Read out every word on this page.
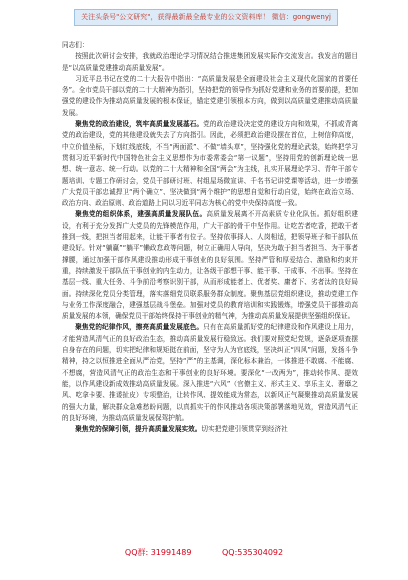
关注头条号"公文研究"，获得最新最全最专业的公文资料库！ 微信：gongwenyj

同志们：

按照此次研讨会安排，我就政治理论学习情况结合推进集团发展实际作交流发言。我发言的题目是“以高质量党建推动高质量发展”。

习近平总书记在党的二十大报告中指出：“高质量发展是全面建设社会主义现代化国家的首要任务”。全市党员干部以党的二十大精神为指引，坚持把党的领导作为抓好党建和业务的首要前提，把加强党的建设作为推动高质量发展的根本保证，锚定党建引领根本方向，做到以高质量党建推动高质量发展。

聚焦党的政治建设，筑牢高质量发展基石。党的政治建设决定党的建设方向和效果，不抓或背离党的政治建设，党的其他建设就失去了方向指引。因此，必须把政治建设摆在首位，上树信仰高度，中立价值坐标，下划红线底线，不当“两面派”、不做“墙头草”，坚持强化党的理论武装，始终把学习贯彻习近平新时代中国特色社会主义思想作为市委常委会“第一议题”，坚持用党的创新理论统一思想、统一意志、统一行动。以党的二十大精神和全国“两会”为主线，扎实开展理论学习、青年干部专题培训、专题工作研讨会，党员干部研讨班、村组屋场微宣讲、千名书记讲党课等活动，进一步增强广大党员干部忠诚捍卫“两个确立”、坚决做到“两个维护”的思想自觉和行动自觉，始终在政治立场、政治方向、政治原则、政治道路上同以习近平同志为核心的党中央保持高度一致。

聚焦党的组织体系，建强高质量发展队伍。高质量发展离不开高素质专业化队伍。抓好组织建设，有利于充分发挥广大党员的先锋模范作用，广大干部的骨干中坚作用。让吃苦者吃香，把敢干者推到一线，把担当者用起来，让能干事者有位子。坚持依事择人、人岗相适，把领导班子和干部队伍建设好。针对“躺赢”“躺平”懒政怠政等问题，树立正确用人导向，坚决为敢于担当者担当、为干事者撑腰，通过加强干部作风建设推动形成干事创业的良好氛围。坚持严管和厚爱结合、激励和约束并重，持续激发干部队伍干事创业的内生动力，让各级干部想干事、能干事、干成事、不出事。坚持在基层一线、重大任务、斗争前沿考察识别干部，从而形成能者上、优者奖、庸者下、劣者汰的良好局面。持续深化党员分类管理，落实落细党员联系服务群众制度。聚焦基层党组织建设，推动党建工作与业务工作深度融合，建强基层战斗堡垒。加强对党员的教育培训和实践锻炼，增强党员干部推动高质量发展的本领，确保党员干部始终保持干事创业的精气神，为推动高质量发展提供坚强组织保证。

聚焦党的纪律作风，擦亮高质量发展底色。只有在高质量抓好党的纪律建设和作风建设上用力，才能营造风清气正的良好政治生态，推动高质量发展行稳致远。我们要对照党纪党规，逐条逐项查摆自身存在的问题，切实把纪律和规矩挺在前面，坚守为人为官底线，坚决纠正“四风”问题，发扬斗争精神，持之以恒推进全面从严治党，坚持“严”的主基调，深化标本兼治，一体推进不敢腐、不能腐、不想腐，营造风清气正的政治生态和干事创业的良好环境。要深化“一改两为”，推动转作风、提效能，以作风建设新成效推动高质量发展。深入推进“六风”（官僚主义、形式主义、享乐主义、奢靡之风、吃拿卡要、推诿扯皮）专项整治，让转作风、提效能成为常态，以新风正气凝聚推动高质量发展的强大力量，解决群众急难愁盼问题，以真抓实干的作风推动各项决策部署落地见效，营造风清气正的良好环境，为推动高质量发展保驾护航。

聚焦党的保障引领，提升高质量发展实效。切实把党建引领贯穿到经济社

QQ群: 31991489	QQ:535304092
